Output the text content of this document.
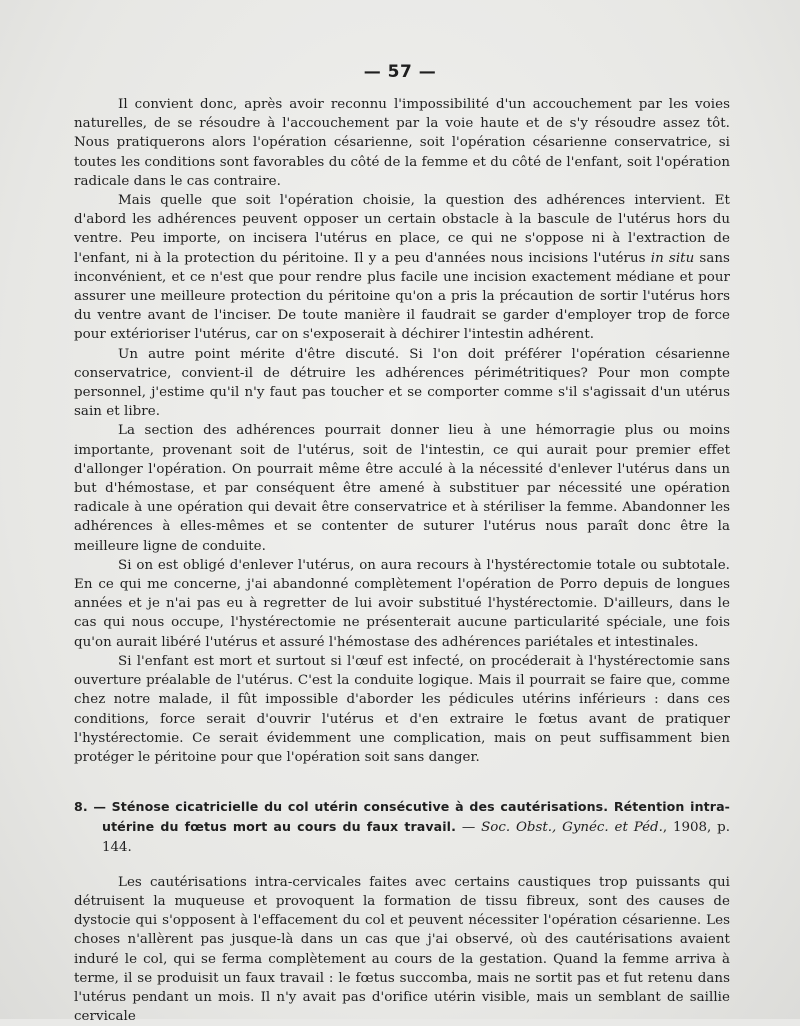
— 57 —

Il convient donc, après avoir reconnu l'impossibilité d'un accouchement par les voies naturelles, de se résoudre à l'accouchement par la voie haute et de s'y résoudre assez tôt. Nous pratiquerons alors l'opération césarienne, soit l'opération césarienne conservatrice, si toutes les conditions sont favorables du côté de la femme et du côté de l'enfant, soit l'opération radicale dans le cas contraire.

Mais quelle que soit l'opération choisie, la question des adhérences intervient. Et d'abord les adhérences peuvent opposer un certain obstacle à la bascule de l'utérus hors du ventre. Peu importe, on incisera l'utérus en place, ce qui ne s'oppose ni à l'extraction de l'enfant, ni à la protection du péritoine. Il y a peu d'années nous incisions l'utérus in situ sans inconvénient, et ce n'est que pour rendre plus facile une incision exactement médiane et pour assurer une meilleure protection du péritoine qu'on a pris la précaution de sortir l'utérus hors du ventre avant de l'inciser. De toute manière il faudrait se garder d'employer trop de force pour extérioriser l'utérus, car on s'exposerait à déchirer l'intestin adhérent.

Un autre point mérite d'être discuté. Si l'on doit préférer l'opération césarienne conservatrice, convient-il de détruire les adhérences périmétritiques? Pour mon compte personnel, j'estime qu'il n'y faut pas toucher et se comporter comme s'il s'agissait d'un utérus sain et libre.

La section des adhérences pourrait donner lieu à une hémorragie plus ou moins importante, provenant soit de l'utérus, soit de l'intestin, ce qui aurait pour premier effet d'allonger l'opération. On pourrait même être acculé à la nécessité d'enlever l'utérus dans un but d'hémostase, et par conséquent être amené à substituer par nécessité une opération radicale à une opération qui devait être conservatrice et à stériliser la femme. Abandonner les adhérences à elles-mêmes et se contenter de suturer l'utérus nous paraît donc être la meilleure ligne de conduite.

Si on est obligé d'enlever l'utérus, on aura recours à l'hystérectomie totale ou subtotale. En ce qui me concerne, j'ai abandonné complètement l'opération de Porro depuis de longues années et je n'ai pas eu à regretter de lui avoir substitué l'hystérectomie. D'ailleurs, dans le cas qui nous occupe, l'hystérectomie ne présenterait aucune particularité spéciale, une fois qu'on aurait libéré l'utérus et assuré l'hémostase des adhérences pariétales et intestinales.

Si l'enfant est mort et surtout si l'œuf est infecté, on procéderait à l'hystérectomie sans ouverture préalable de l'utérus. C'est la conduite logique. Mais il pourrait se faire que, comme chez notre malade, il fût impossible d'aborder les pédicules utérins inférieurs : dans ces conditions, force serait d'ouvrir l'utérus et d'en extraire le fœtus avant de pratiquer l'hystérectomie. Ce serait évidemment une complication, mais on peut suffisamment bien protéger le péritoine pour que l'opération soit sans danger.

8. — Sténose cicatricielle du col utérin consécutive à des cautérisations. Rétention intra-utérine du fœtus mort au cours du faux travail. — Soc. Obst., Gynéc. et Péd., 1908, p. 144.

Les cautérisations intra-cervicales faites avec certains caustiques trop puissants qui détruisent la muqueuse et provoquent la formation de tissu fibreux, sont des causes de dystocie qui s'opposent à l'effacement du col et peuvent nécessiter l'opération césarienne. Les choses n'allèrent pas jusque-là dans un cas que j'ai observé, où des cautérisations avaient induré le col, qui se ferma complètement au cours de la gestation. Quand la femme arriva à terme, il se produisit un faux travail : le fœtus succomba, mais ne sortit pas et fut retenu dans l'utérus pendant un mois. Il n'y avait pas d'orifice utérin visible, mais un semblant de saillie cervicale
